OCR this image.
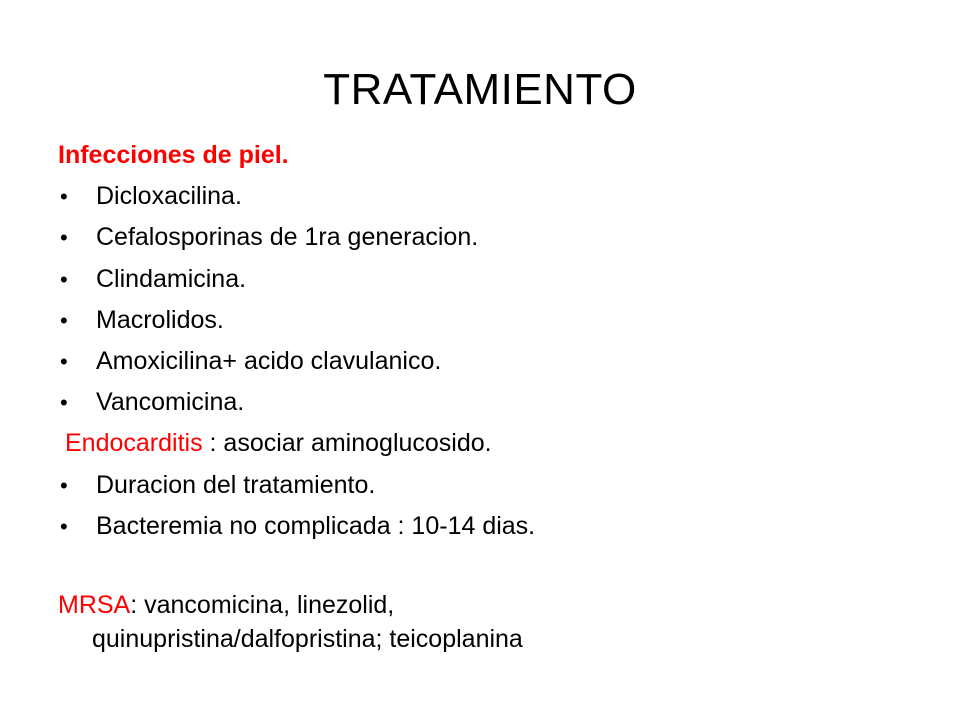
TRATAMIENTO
Infecciones de piel.
• Dicloxacilina.
• Cefalosporinas de 1ra generacion.
• Clindamicina.
• Macrolidos.
• Amoxicilina+ acido clavulanico.
• Vancomicina.
Endocarditis : asociar aminoglucosido.
• Duracion del tratamiento.
• Bacteremia no complicada : 10-14 dias.
MRSA: vancomicina, linezolid,
quinupristina/dalfopristina; teicoplanina
